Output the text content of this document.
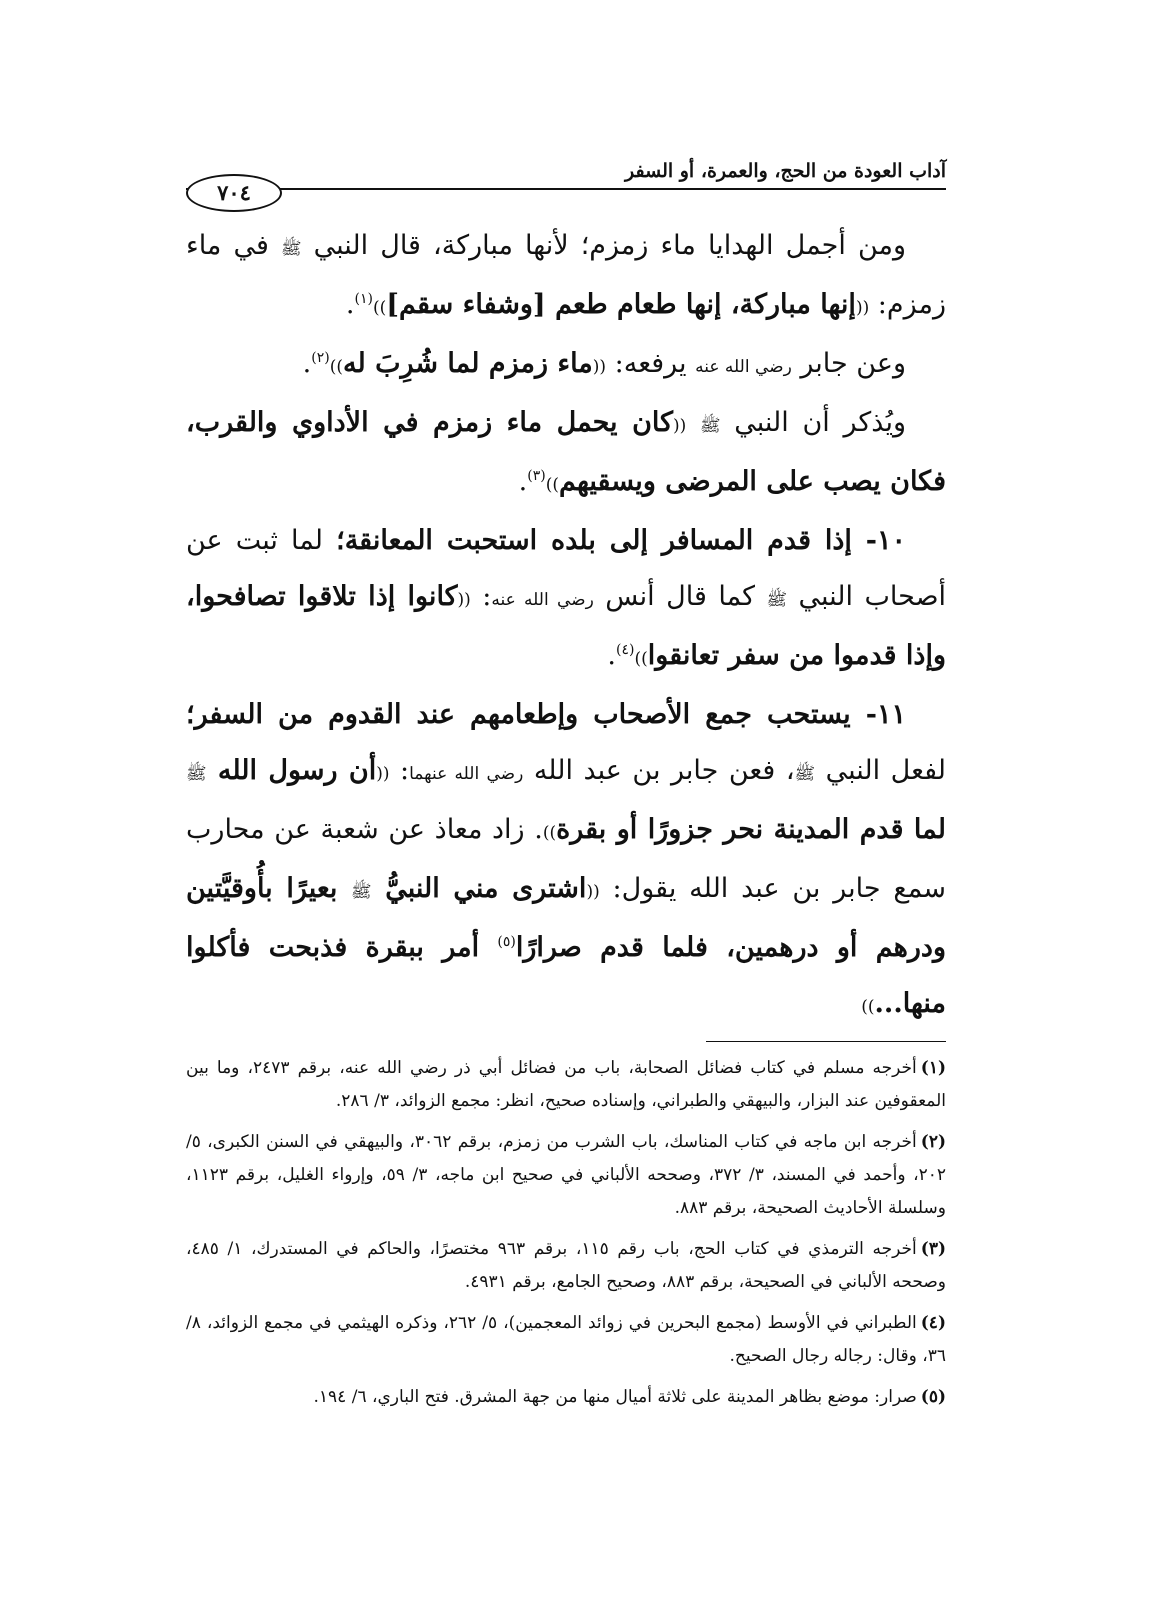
آداب العودة من الحج، والعمرة، أو السفر
٧٠٤

ومن أجمل الهدايا ماء زمزم؛ لأنها مباركة، قال النبي ﷺ في ماء زمزم: ((إنها مباركة، إنها طعام طعم [وشفاء سقم]))$^{(١)}$.

وعن جابر رضي الله عنه يرفعه: ((ماء زمزم لما شُرِبَ له))$^{(٢)}$.

ويُذكر أن النبي ﷺ ((كان يحمل ماء زمزم في الأداوي والقرب، فكان يصب على المرضى ويسقيهم))$^{(٣)}$.

١٠- إذا قدم المسافر إلى بلده استحبت المعانقة؛ لما ثبت عن أصحاب النبي ﷺ كما قال أنس رضي الله عنه: ((كانوا إذا تلاقوا تصافحوا، وإذا قدموا من سفر تعانقوا))$^{(٤)}$.

١١- يستحب جمع الأصحاب وإطعامهم عند القدوم من السفر؛ لفعل النبي ﷺ، فعن جابر بن عبد الله رضي الله عنهما: ((أن رسول الله ﷺ لما قدم المدينة نحر جزورًا أو بقرة)). زاد معاذ عن شعبة عن محارب سمع جابر بن عبد الله يقول: ((اشترى مني النبيُّ ﷺ بعيرًا بأُوقيَّتين ودرهم أو درهمين، فلما قدم صرارًا$^{(٥)}$ أمر ببقرة فذبحت فأكلوا منها...))

(١)أخرجه مسلم في كتاب فضائل الصحابة، باب من فضائل أبي ذر رضي الله عنه، برقم ٢٤٧٣، وما بين المعقوفين عند البزار، والبيهقي والطبراني، وإسناده صحيح، انظر: مجمع الزوائد، ٣/ ٢٨٦.

(٢)أخرجه ابن ماجه في كتاب المناسك، باب الشرب من زمزم، برقم ٣٠٦٢، والبيهقي في السنن الكبرى، ٥/ ٢٠٢، وأحمد في المسند، ٣/ ٣٧٢، وصححه الألباني في صحيح ابن ماجه، ٣/ ٥٩، وإرواء الغليل، برقم ١١٢٣، وسلسلة الأحاديث الصحيحة، برقم ٨٨٣.

(٣)أخرجه الترمذي في كتاب الحج، باب رقم ١١٥، برقم ٩٦٣ مختصرًا، والحاكم في المستدرك، ١/ ٤٨٥، وصححه الألباني في الصحيحة، برقم ٨٨٣، وصحيح الجامع، برقم ٤٩٣١.

(٤)الطبراني في الأوسط (مجمع البحرين في زوائد المعجمين)، ٥/ ٢٦٢، وذكره الهيثمي في مجمع الزوائد، ٨/ ٣٦، وقال: رجاله رجال الصحيح.

(٥)صرار: موضع بظاهر المدينة على ثلاثة أميال منها من جهة المشرق. فتح الباري، ٦/ ١٩٤.
